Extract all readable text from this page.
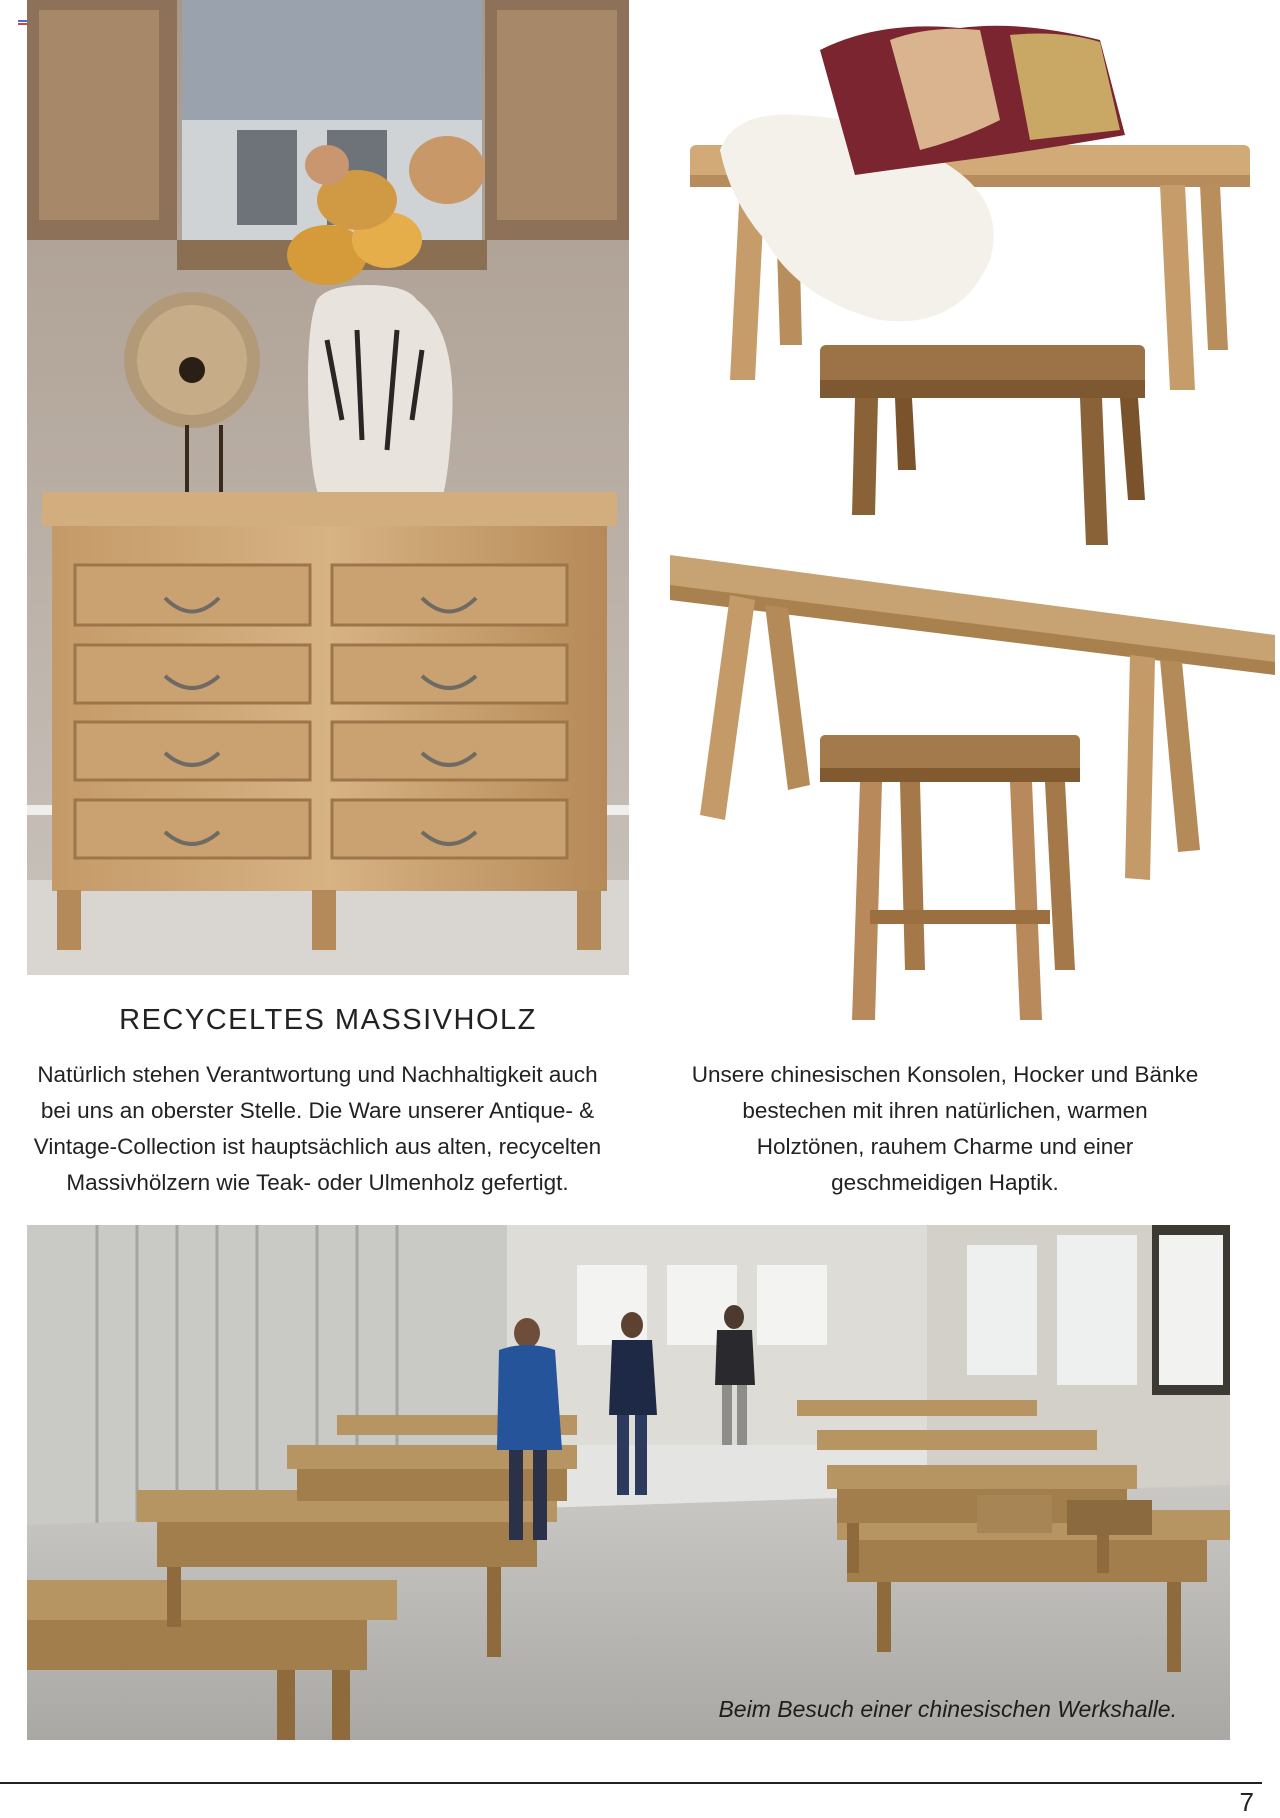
RECYCELTES MASSIVHOLZ

Natürlich stehen Verantwortung und Nachhaltigkeit auch
bei uns an oberster Stelle. Die Ware unserer Antique- &
Vintage-Collection ist hauptsächlich aus alten, recycelten
Massivhölzern wie Teak- oder Ulmenholz gefertigt.

Unsere chinesischen Konsolen, Hocker und Bänke
bestechen mit ihren natürlichen, warmen
Holztönen, rauhem Charme und einer
geschmeidigen Haptik.

Beim Besuch einer chinesischen Werkshalle.
7
